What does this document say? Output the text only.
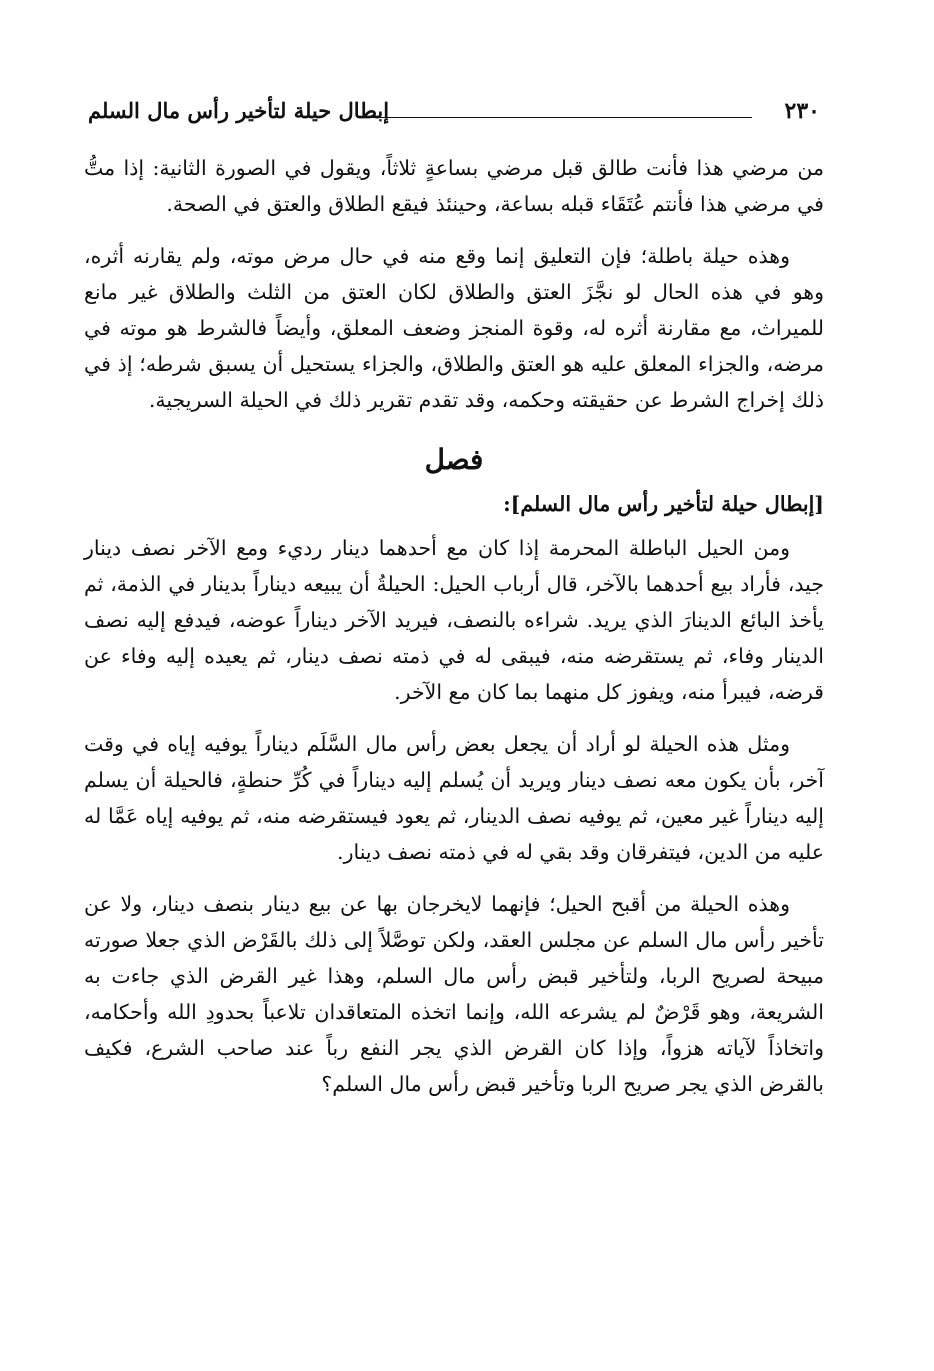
٢٣٠
إبطال حيلة لتأخير رأس مال السلم

من مرضي هذا فأنت طالق قبل مرضي بساعةٍ ثلاثاً، ويقول في الصورة الثانية: إذا متُّ في مرضي هذا فأنتم عُتَقَاء قبله بساعة، وحينئذ فيقع الطلاق والعتق في الصحة.

وهذه حيلة باطلة؛ فإن التعليق إنما وقع منه في حال مرض موته، ولم يقارنه أثره، وهو في هذه الحال لو نجَّزَ العتق والطلاق لكان العتق من الثلث والطلاق غير مانع للميراث، مع مقارنة أثره له، وقوة المنجز وضعف المعلق، وأيضاً فالشرط هو موته في مرضه، والجزاء المعلق عليه هو العتق والطلاق، والجزاء يستحيل أن يسبق شرطه؛ إذ في ذلك إخراج الشرط عن حقيقته وحكمه، وقد تقدم تقرير ذلك في الحيلة السريجية.

فصل

[إبطال حيلة لتأخير رأس مال السلم]:

ومن الحيل الباطلة المحرمة إذا كان مع أحدهما دينار رديء ومع الآخر نصف دينار جيد، فأراد بيع أحدهما بالآخر، قال أرباب الحيل: الحيلةُ أن يبيعه ديناراً بدينار في الذمة، ثم يأخذ البائع الدينارَ الذي يريد. شراءه بالنصف، فيريد الآخر ديناراً عوضه، فيدفع إليه نصف الدينار وفاء، ثم يستقرضه منه، فيبقى له في ذمته نصف دينار، ثم يعيده إليه وفاء عن قرضه، فيبرأ منه، ويفوز كل منهما بما كان مع الآخر.

ومثل هذه الحيلة لو أراد أن يجعل بعض رأس مال السَّلَم ديناراً يوفيه إياه في وقت آخر، بأن يكون معه نصف دينار ويريد أن يُسلم إليه ديناراً في كُرِّ حنطةٍ، فالحيلة أن يسلم إليه ديناراً غير معين، ثم يوفيه نصف الدينار، ثم يعود فيستقرضه منه، ثم يوفيه إياه عَمَّا له عليه من الدين، فيتفرقان وقد بقي له في ذمته نصف دينار.

وهذه الحيلة من أقبح الحيل؛ فإنهما لايخرجان بها عن بيع دينار بنصف دينار، ولا عن تأخير رأس مال السلم عن مجلس العقد، ولكن توصَّلاً إلى ذلك بالقَرْض الذي جعلا صورته مبيحة لصريح الربا، ولتأخير قبض رأس مال السلم، وهذا غير القرض الذي جاءت به الشريعة، وهو قَرْضٌ لم يشرعه الله، وإنما اتخذه المتعاقدان تلاعباً بحدودِ الله وأحكامه، واتخاذاً لآياته هزواً، وإذا كان القرض الذي يجر النفع رباً عند صاحب الشرع، فكيف بالقرض الذي يجر صريح الربا وتأخير قبض رأس مال السلم؟
